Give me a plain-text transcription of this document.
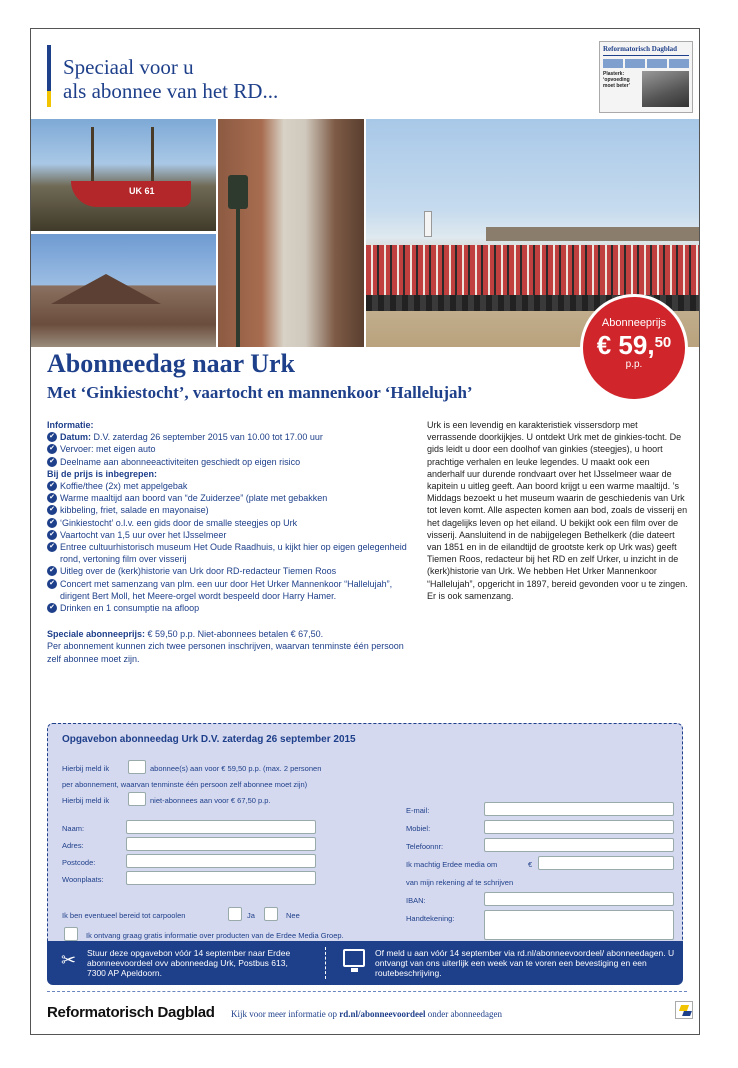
Speciaal voor u
als abonnee van het RD...
Reformatorisch Dagblad
Plasterk: ‘opvoeding moet beter’
UK 61
Abonneeprijs
€ 59,50
p.p.
Abonneedag naar Urk
Met ‘Ginkiestocht’, vaartocht en mannenkoor ‘Hallelujah’
Informatie:
✔ Datum: D.V. zaterdag 26 september 2015 van 10.00 tot 17.00 uur
✔ Vervoer: met eigen auto
✔ Deelname aan abonneeactiviteiten geschiedt op eigen risico
Bij de prijs is inbegrepen:
✔ Koffie/thee (2x) met appelgebak
✔ Warme maaltijd aan boord van “de Zuiderzee” (plate met gebakken
✔ kibbeling, friet, salade en mayonaise)
✔ ‘Ginkiestocht’ o.l.v. een gids door de smalle steegjes op Urk
✔ Vaartocht van 1,5 uur over het IJsselmeer
✔ Entree cultuurhistorisch museum Het Oude Raadhuis, u kijkt hier op eigen gelegenheid rond, vertoning film over visserij
✔ Uitleg over de (kerk)historie van Urk door RD-redacteur Tiemen Roos
✔ Concert met samenzang van plm. een uur door Het Urker Mannenkoor “Hallelujah”, dirigent Bert Moll, het Meere-orgel wordt bespeeld door Harry Hamer.
✔ Drinken en 1 consumptie na afloop
Speciale abonneeprijs: € 59,50 p.p. Niet-abonnees betalen € 67,50.
Per abonnement kunnen zich twee personen inschrijven, waarvan tenminste één persoon zelf abonnee moet zijn.
Urk is een levendig en karakteristiek vissersdorp met verrassende doorkijkjes. U ontdekt Urk met de ginkies-tocht. De gids leidt u door een doolhof van ginkies (steegjes), u hoort prachtige verhalen en leuke legendes. U maakt ook een anderhalf uur durende rondvaart over het IJsselmeer waar de kapitein u uitleg geeft. Aan boord krijgt u een warme maaltijd. ’s Middags bezoekt u het museum waarin de geschiedenis van Urk tot leven komt. Alle aspecten komen aan bod, zoals de visserij en het dagelijks leven op het eiland. U bekijkt ook een film over de visserij. Aansluitend in de nabijgelegen Bethelkerk (die dateert van 1851 en in de eilandtijd de grootste kerk op Urk was) geeft Tiemen Roos, redacteur bij het RD en zelf Urker, u inzicht in de (kerk)historie van Urk. We hebben Het Urker Mannenkoor “Hallelujah”, opgericht in 1897, bereid gevonden voor u te zingen. Er is ook samenzang.
Opgavebon abonneedag Urk D.V. zaterdag 26 september 2015
Hierbij meld ik	abonnee(s) aan voor € 59,50 p.p. (max. 2 personen
per abonnement, waarvan tenminste één persoon zelf abonnee moet zijn)
Hierbij meld ik	niet-abonnees aan voor € 67,50 p.p.
Naam:
Adres:
Postcode:
Woonplaats:
E-mail:
Mobiel:
Telefoonnr:
Ik machtig Erdee media om	€
van mijn rekening af te schrijven
IBAN:
Handtekening:
Ik ben eventueel bereid tot carpoolen	Ja	Nee
Ik ontvang graag gratis informatie over producten van de Erdee Media Groep.
✂ Stuur deze opgavebon vóór 14 september naar Erdee abonneevoordeel ovv abonneedag Urk, Postbus 613, 7300 AP Apeldoorn.
Of meld u aan vóór 14 september via rd.nl/abonneevoordeel/ abonneedagen. U ontvangt van ons uiterlijk een week van te voren een bevestiging en een routebeschrijving.
Reformatorisch Dagblad Kijk voor meer informatie op rd.nl/abonneevoordeel onder abonneedagen
